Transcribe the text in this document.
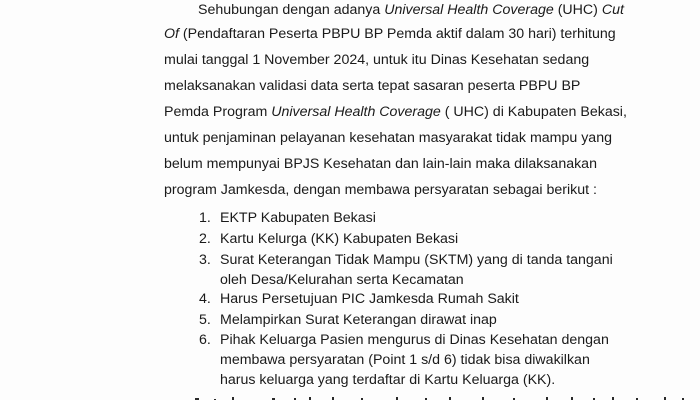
Sehubungan dengan adanya Universal Health Coverage (UHC) Cut
Of (Pendaftaran Peserta PBPU BP Pemda aktif dalam 30 hari) terhitung
mulai tanggal 1 November 2024, untuk itu Dinas Kesehatan sedang
melaksanakan validasi data serta tepat sasaran peserta PBPU BP
Pemda Program Universal Health Coverage ( UHC) di Kabupaten Bekasi,
untuk penjaminan pelayanan kesehatan masyarakat tidak mampu yang
belum mempunyai BPJS Kesehatan dan lain-lain maka dilaksanakan
program Jamkesda, dengan membawa persyaratan sebagai berikut :
1. EKTP Kabupaten Bekasi
2. Kartu Kelurga (KK) Kabupaten Bekasi
3. Surat Keterangan Tidak Mampu (SKTM) yang di tanda tangani
oleh Desa/Kelurahan serta Kecamatan
4. Harus Persetujuan PIC Jamkesda Rumah Sakit
5. Melampirkan Surat Keterangan dirawat inap
6. Pihak Keluarga Pasien mengurus di Dinas Kesehatan dengan
membawa persyaratan (Point 1 s/d 6) tidak bisa diwakilkan
harus keluarga yang terdaftar di Kartu Keluarga (KK).
